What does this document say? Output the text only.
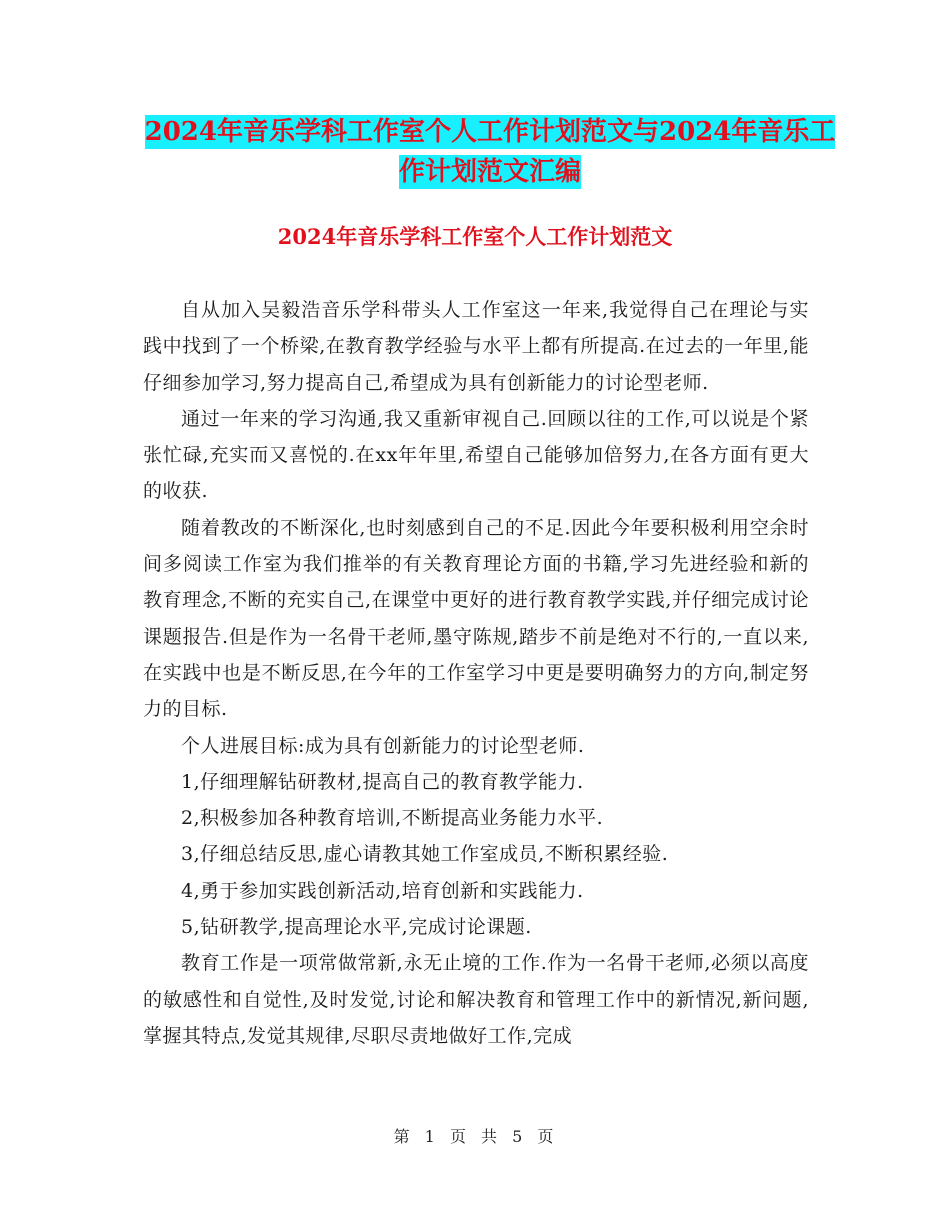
2024年音乐学科工作室个人工作计划范文与2024年音乐工作计划范文汇编
2024年音乐学科工作室个人工作计划范文

自从加入吴毅浩音乐学科带头人工作室这一年来,我觉得自己在理论与实践中找到了一个桥梁,在教育教学经验与水平上都有所提高.在过去的一年里,能仔细参加学习,努力提高自己,希望成为具有创新能力的讨论型老师.

通过一年来的学习沟通,我又重新审视自己.回顾以往的工作,可以说是个紧张忙碌,充实而又喜悦的.在xx年年里,希望自己能够加倍努力,在各方面有更大的收获.

随着教改的不断深化,也时刻感到自己的不足.因此今年要积极利用空余时间多阅读工作室为我们推举的有关教育理论方面的书籍,学习先进经验和新的教育理念,不断的充实自己,在课堂中更好的进行教育教学实践,并仔细完成讨论课题报告.但是作为一名骨干老师,墨守陈规,踏步不前是绝对不行的,一直以来,在实践中也是不断反思,在今年的工作室学习中更是要明确努力的方向,制定努力的目标.

个人进展目标:成为具有创新能力的讨论型老师.

1,仔细理解钻研教材,提高自己的教育教学能力.

2,积极参加各种教育培训,不断提高业务能力水平.

3,仔细总结反思,虚心请教其她工作室成员,不断积累经验.

4,勇于参加实践创新活动,培育创新和实践能力.

5,钻研教学,提高理论水平,完成讨论课题.

教育工作是一项常做常新,永无止境的工作.作为一名骨干老师,必须以高度的敏感性和自觉性,及时发觉,讨论和解决教育和管理工作中的新情况,新问题,掌握其特点,发觉其规律,尽职尽责地做好工作,完成

第 1 页 共 5 页
